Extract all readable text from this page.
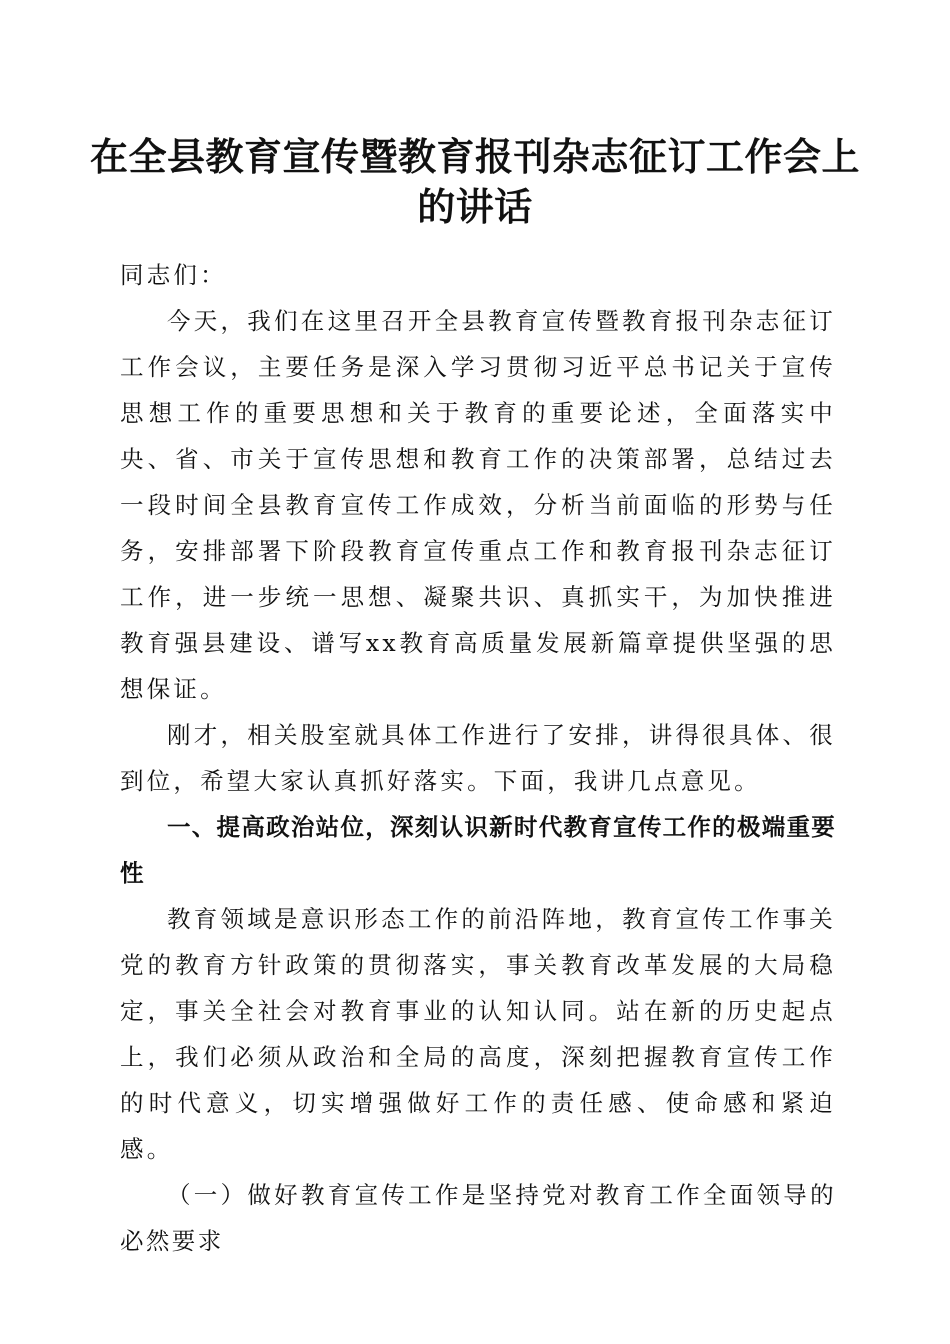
在全县教育宣传暨教育报刊杂志征订工作会上
的讲话

同志们：

今天，我们在这里召开全县教育宣传暨教育报刊杂志征订工作会议，主要任务是深入学习贯彻习近平总书记关于宣传思想工作的重要思想和关于教育的重要论述，全面落实中央、省、市关于宣传思想和教育工作的决策部署，总结过去一段时间全县教育宣传工作成效，分析当前面临的形势与任务，安排部署下阶段教育宣传重点工作和教育报刊杂志征订工作，进一步统一思想、凝聚共识、真抓实干，为加快推进教育强县建设、谱写xx教育高质量发展新篇章提供坚强的思想保证。

刚才，相关股室就具体工作进行了安排，讲得很具体、很到位，希望大家认真抓好落实。下面，我讲几点意见。

一、提高政治站位，深刻认识新时代教育宣传工作的极端重要性

教育领域是意识形态工作的前沿阵地，教育宣传工作事关党的教育方针政策的贯彻落实，事关教育改革发展的大局稳定，事关全社会对教育事业的认知认同。站在新的历史起点上，我们必须从政治和全局的高度，深刻把握教育宣传工作的时代意义，切实增强做好工作的责任感、使命感和紧迫感。

（一）做好教育宣传工作是坚持党对教育工作全面领导的必然要求
